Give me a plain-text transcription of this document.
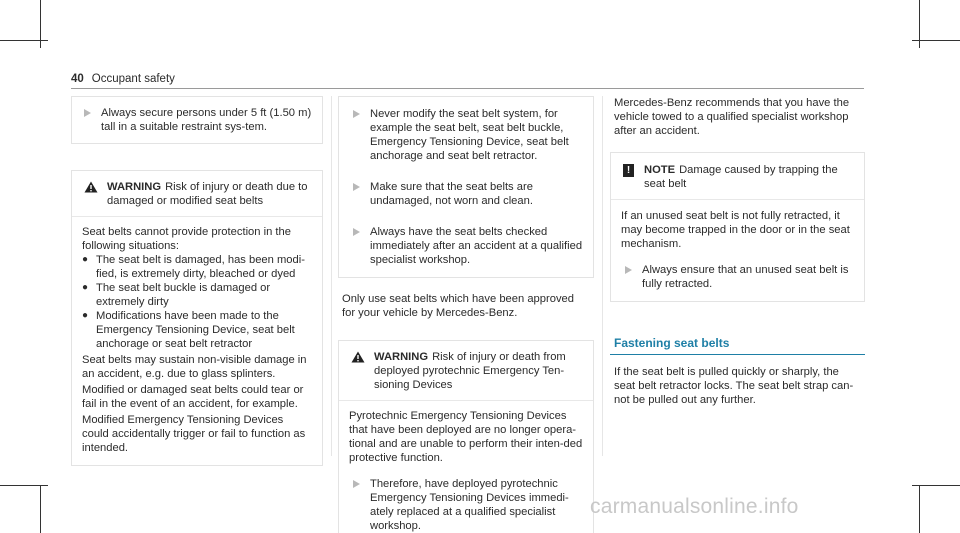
40 Occupant safety
Always secure persons under 5 ft (1.50 m) tall in a suitable restraint sys-tem.
WARNING Risk of injury or death due to damaged or modified seat belts

Seat belts cannot provide protection in the following situations:

● The seat belt is damaged, has been modi-fied, is extremely dirty, bleached or dyed
● The seat belt buckle is damaged or extremely dirty
● Modifications have been made to the Emergency Tensioning Device, seat belt anchorage or seat belt retractor

Seat belts may sustain non-visible damage in an accident, e.g. due to glass splinters.

Modified or damaged seat belts could tear or fail in the event of an accident, for example.

Modified Emergency Tensioning Devices could accidentally trigger or fail to function as intended.

Never modify the seat belt system, for example the seat belt, seat belt buckle, Emergency Tensioning Device, seat belt anchorage and seat belt retractor.
Make sure that the seat belts are undamaged, not worn and clean.
Always have the seat belts checked immediately after an accident at a qualified specialist workshop.

Only use seat belts which have been approved for your vehicle by Mercedes-Benz.

WARNING Risk of injury or death from deployed pyrotechnic Emergency Ten-sioning Devices

Pyrotechnic Emergency Tensioning Devices that have been deployed are no longer opera-tional and are unable to perform their inten-ded protective function.

Therefore, have deployed pyrotechnic Emergency Tensioning Devices immedi-ately replaced at a qualified specialist workshop.

Mercedes-Benz recommends that you have the vehicle towed to a qualified specialist workshop after an accident.

!	NOTE Damage caused by trapping the seat belt

If an unused seat belt is not fully retracted, it may become trapped in the door or in the seat mechanism.

Always ensure that an unused seat belt is fully retracted.
Fastening seat belts

If the seat belt is pulled quickly or sharply, the seat belt retractor locks. The seat belt strap can-not be pulled out any further.

carmanualsonline.info
